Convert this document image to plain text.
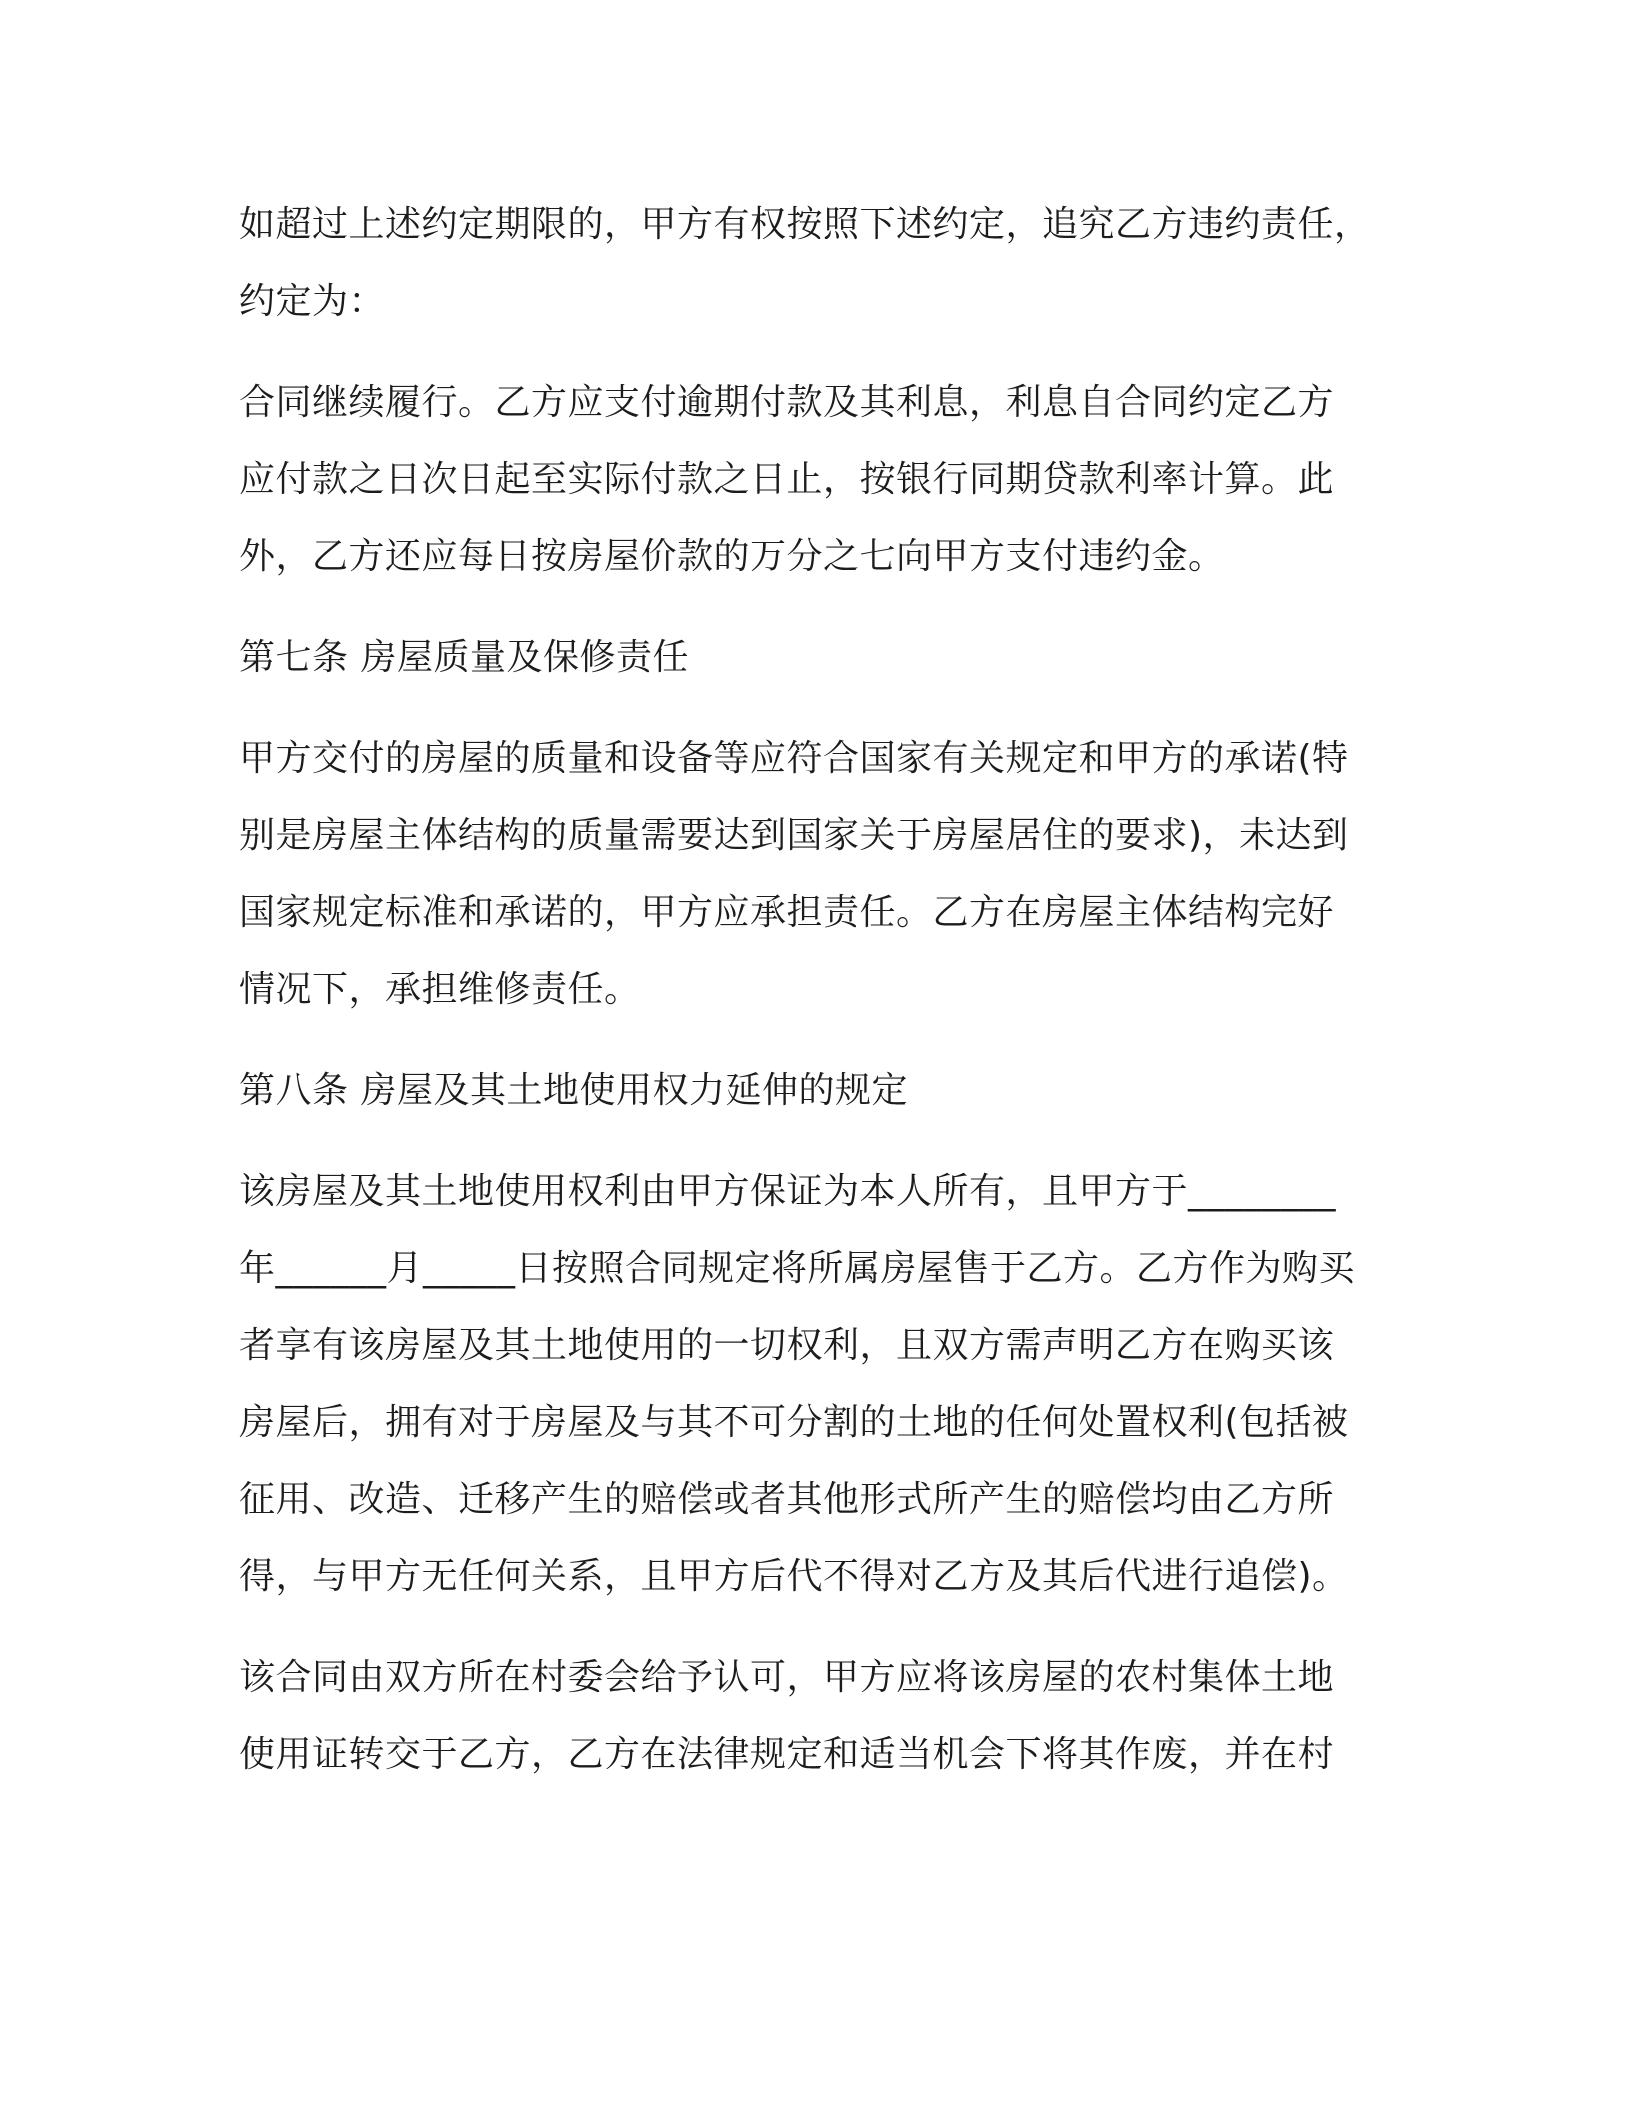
如超过上述约定期限的，甲方有权按照下述约定，追究乙方违约责任，
约定为：

合同继续履行。乙方应支付逾期付款及其利息，利息自合同约定乙方
应付款之日次日起至实际付款之日止，按银行同期贷款利率计算。此
外，乙方还应每日按房屋价款的万分之七向甲方支付违约金。

第七条 房屋质量及保修责任

甲方交付的房屋的质量和设备等应符合国家有关规定和甲方的承诺(特
别是房屋主体结构的质量需要达到国家关于房屋居住的要求)，未达到
国家规定标准和承诺的，甲方应承担责任。乙方在房屋主体结构完好
情况下，承担维修责任。

第八条 房屋及其土地使用权力延伸的规定

该房屋及其土地使用权利由甲方保证为本人所有，且甲方于________
年______月_____日按照合同规定将所属房屋售于乙方。乙方作为购买
者享有该房屋及其土地使用的一切权利，且双方需声明乙方在购买该
房屋后，拥有对于房屋及与其不可分割的土地的任何处置权利(包括被
征用、改造、迁移产生的赔偿或者其他形式所产生的赔偿均由乙方所
得，与甲方无任何关系，且甲方后代不得对乙方及其后代进行追偿)。

该合同由双方所在村委会给予认可，甲方应将该房屋的农村集体土地
使用证转交于乙方，乙方在法律规定和适当机会下将其作废，并在村
